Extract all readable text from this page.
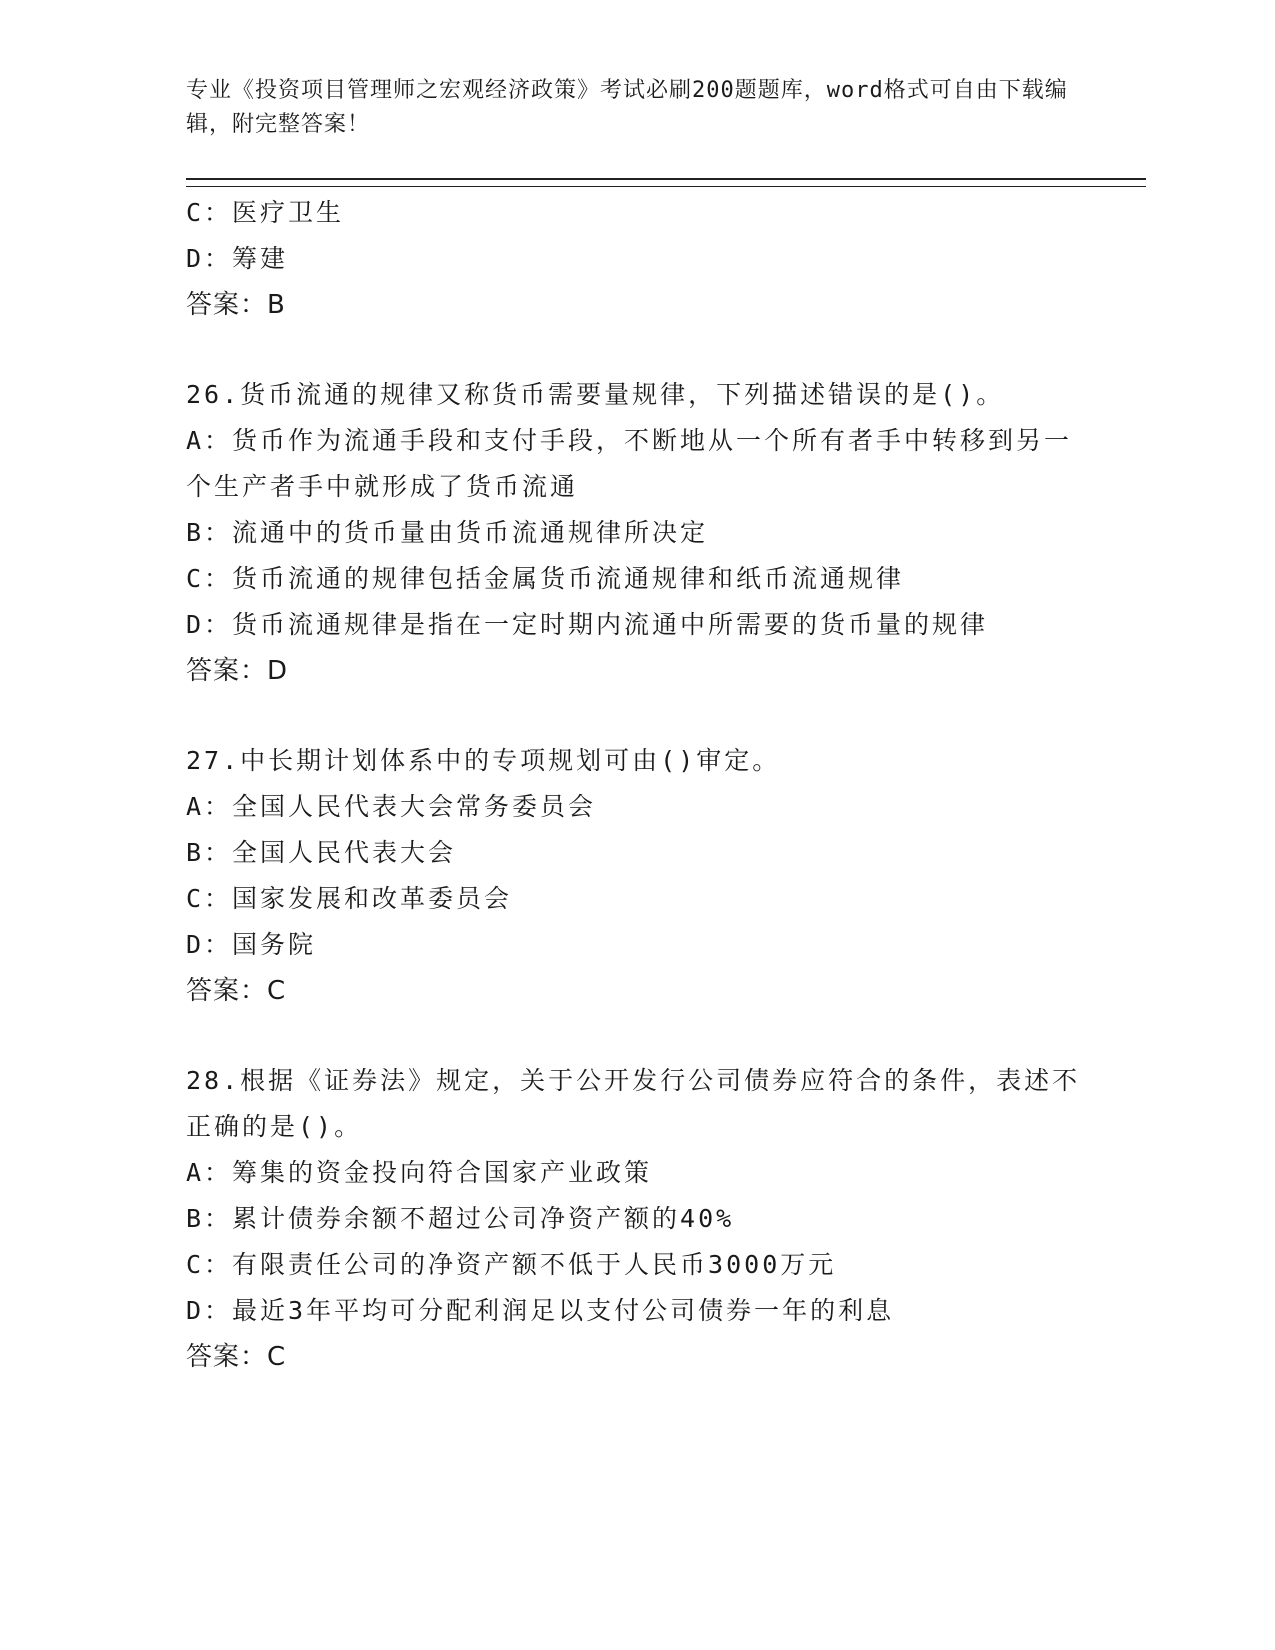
专业《投资项目管理师之宏观经济政策》考试必刷200题题库，word格式可自由下载编辑，附完整答案！
C：医疗卫生
D：筹建
答案：B
26.货币流通的规律又称货币需要量规律，下列描述错误的是()。
A：货币作为流通手段和支付手段，不断地从一个所有者手中转移到另一个生产者手中就形成了货币流通
B：流通中的货币量由货币流通规律所决定
C：货币流通的规律包括金属货币流通规律和纸币流通规律
D：货币流通规律是指在一定时期内流通中所需要的货币量的规律
答案：D
27.中长期计划体系中的专项规划可由()审定。
A：全国人民代表大会常务委员会
B：全国人民代表大会
C：国家发展和改革委员会
D：国务院
答案：C
28.根据《证券法》规定，关于公开发行公司债券应符合的条件，表述不正确的是()。
A：筹集的资金投向符合国家产业政策
B：累计债券余额不超过公司净资产额的40%
C：有限责任公司的净资产额不低于人民币3000万元
D：最近3年平均可分配利润足以支付公司债券一年的利息
答案：C
